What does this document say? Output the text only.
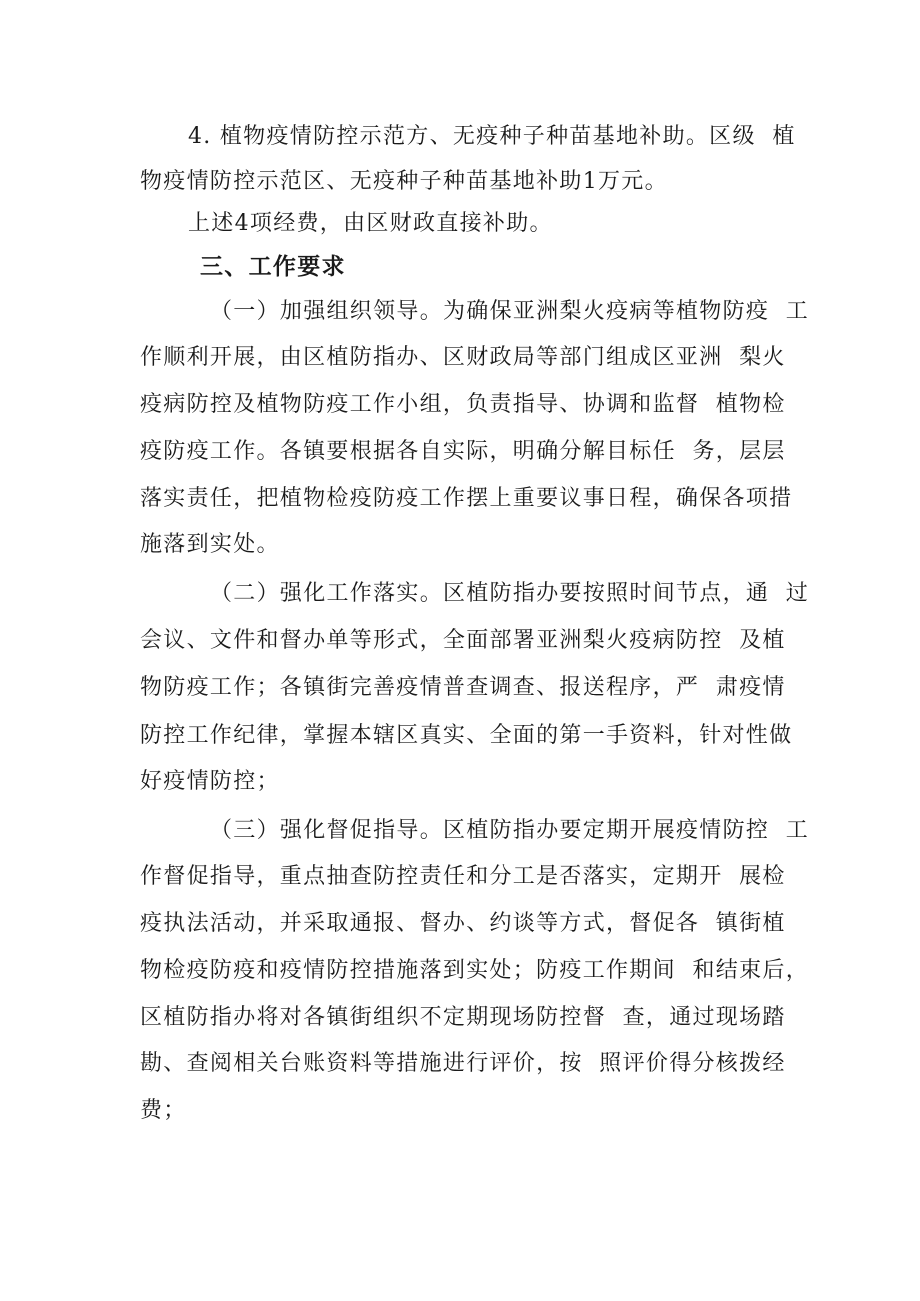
4. 植物疫情防控示范方、无疫种子种苗基地补助。区级  植
物疫情防控示范区、无疫种子种苗基地补助1万元。
上述4项经费，由区财政直接补助。
三、工作要求
（一）加强组织领导。为确保亚洲梨火疫病等植物防疫  工
作顺利开展，由区植防指办、区财政局等部门组成区亚洲  梨火
疫病防控及植物防疫工作小组，负责指导、协调和监督  植物检
疫防疫工作。各镇要根据各自实际，明确分解目标任  务，层层
落实责任，把植物检疫防疫工作摆上重要议事日程，确保各项措
施落到实处。
（二）强化工作落实。区植防指办要按照时间节点，通  过
会议、文件和督办单等形式，全面部署亚洲梨火疫病防控  及植
物防疫工作；各镇街完善疫情普查调查、报送程序，严  肃疫情
防控工作纪律，掌握本辖区真实、全面的第一手资料，针对性做
好疫情防控；
（三）强化督促指导。区植防指办要定期开展疫情防控  工
作督促指导，重点抽查防控责任和分工是否落实，定期开  展检
疫执法活动，并采取通报、督办、约谈等方式，督促各  镇街植
物检疫防疫和疫情防控措施落到实处；防疫工作期间  和结束后，
区植防指办将对各镇街组织不定期现场防控督  查，通过现场踏
勘、查阅相关台账资料等措施进行评价，按  照评价得分核拨经
费；
